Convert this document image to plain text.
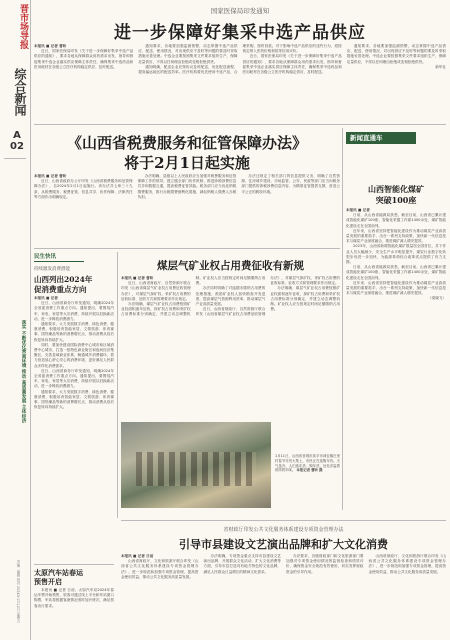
晋市场导报
综合新闻
A 02
落实 不断优化营商环境 推动 高质量发展 主体经济
责编：编辑 校对 2024年1月12日 星期五
国家医保局印发通知
进一步保障好集采中选产品供应
本报讯 ■ 记者 曹昕

近日，国家医保局印发《关于进一步保障好集采中选产品供应的通知》，要求各地从保障群众用药需求出发，指导和督促集采中选企业落实供应保障主体责任，确保集采中选药品和医用耗材在各级公立医疗机构稳定供应、及时配送。

通知要求，各地要加强监测预警，动态掌握中选产品供应、配送、使用情况，对出现供应不及时等问题的要及时采取措施妥善处理。中选企业要按照集采文件要求组织生产，保障足量供应，不得以任何理由拒绝或变相拒绝供货。

通知明确，配送企业应按协议及时配送，优化配送流程，提高偏远地区的配送效率。医疗机构要优先使用中选产品，合理采购，按时回款。对于影响中选产品供应的违约行为，将按规定纳入医药价格和招采信用评价。

近日，国家医保局印发《关于进一步保障好集采中选产品供应的通知》，要求各地从保障群众用药需求出发，指导和督促集采中选企业落实供应保障主体责任，确保集采中选药品和医用耗材在各级公立医疗机构稳定供应、及时配送。

通知要求，各地要加强监测预警，动态掌握中选产品供应、配送、使用情况，对出现供应不及时等问题的要及时采取措施妥善处理。中选企业要按照集采文件要求组织生产，保障足量供应，不得以任何理由拒绝或变相拒绝供货。

新华社

《山西省税费服务和征管保障办法》
将于2月1日起实施
本报讯 ■ 记者 曹昕

近日，山西省政府办公厅印发《山西省税费服务和征管保障办法》，自2024年2月1日起施行。该办法共七章三十九条，从税费服务、税费征管、信息共享、协作保障、法律责任等方面作出明确规定。

办法明确，县级以上人民政府应当加强对税费服务和征管保障工作的领导，建立健全部门协作机制，推进涉税涉费信息共享和数据互通，提高税费征管效能。税务部门应当优化纳税缴费服务，推行办税缴费便利化措施，减轻纳税人缴费人办税负担。

办法还规定了相关部门的信息提供义务，明确了自然资源、住房城乡建设、市场监管、公安、民政等部门应当向税务部门提供的涉税涉费信息内容，为精准征管提供支撑，营造公平公正的税收环境。

新闻直通车
山西智能化煤矿
突破100座
本报讯 ■ 记者

日前，从山西省能源局获悉，截至目前，山西省已累计建成智能化煤矿100座、智能化采掘工作面1400余处，煤矿智能化建设走在全国前列。

近年来，山西省坚持把智能化建设作为推动煤炭产业高质量发展的重要抓手，出台一系列支持政策，加快新一代信息技术与煤炭产业深度融合，推进煤矿减人增安提效。

2023年，山西省新增智能化煤矿数量居全国首位，井下作业人员大幅减少，安全生产水平明显提升，煤炭行业数字化转型步伐进一步加快，为能源革命综合改革试点提供了有力支撑。

日前，从山西省能源局获悉，截至目前，山西省已累计建成智能化煤矿100座、智能化采掘工作面1400余处，煤矿智能化建设走在全国前列。

近年来，山西省坚持把智能化建设作为推动煤炭产业高质量发展的重要抓手，出台一系列支持政策，加快新一代信息技术与煤炭产业深度融合，推进煤矿减人增安提效。

（梁晓飞）

民生快讯
持续激发消费潜能
山西列出2024年
促消费重点方向
本报讯 ■ 记者

近日，山西省商务厅印发通知，明确2024年全省促消费工作重点方向。通知提出，要围绕汽车、家电、家居等大宗消费，持续开展以旧换新活动，进一步释放消费潜力。

通知要求，大力发展数字消费、绿色消费、健康消费，积极培育智能家居、文娱旅游、体育赛事、国货潮品等新的消费增长点，推动消费从疫后恢复转向持续扩大。

同时，要加快建设国际消费中心城市和区域消费中心城市，打造一批特色商业街区和夜间经济集聚区，完善县域商业体系，畅通城乡消费循环，着力营造放心舒心安心的消费环境，更好满足人民群众多样化消费需求。

近日，山西省商务厅印发通知，明确2024年全省促消费工作重点方向。通知提出，要围绕汽车、家电、家居等大宗消费，持续开展以旧换新活动，进一步释放消费潜力。

通知要求，大力发展数字消费、绿色消费、健康消费，积极培育智能家居、文娱旅游、体育赛事、国货潮品等新的消费增长点，推动消费从疫后恢复转向持续扩大。

太原汽车站春运
预售开启

本报讯 ■ 记者 日前，太原汽车站2024年春运车票开始预售，旅客可通过线上平台和车站窗口购票，车站将根据客流情况适时加开班次，满足旅客出行需求。

煤层气矿业权占用费征收有新规
本报讯 ■ 记者 曹昕

近日，山西省财政厅、自然资源厅联合印发《山西省煤层气矿业权占用费征收管理办法》，对煤层气探矿权、采矿权占用费的征收标准、征收方式和管理要求作出规定。

办法明确，煤层气矿业权占用费按照矿业权面积逐年征收，探矿权占用费和采矿权占用费标准分别确定，并建立动态调整机制。矿业权人应当按规定时间足额缴纳占用费。

办法同时明确了对逾期未缴纳占用费的处理措施，鼓励矿业权人加快勘查开发进度，提高煤层气资源利用效率，推动煤层气产业高质量发展。

近日，山西省财政厅、自然资源厅联合印发《山西省煤层气矿业权占用费征收管理办法》，对煤层气探矿权、采矿权占用费的征收标准、征收方式和管理要求作出规定。

办法明确，煤层气矿业权占用费按照矿业权面积逐年征收，探矿权占用费和采矿权占用费标准分别确定，并建立动态调整机制。矿业权人应当按规定时间足额缴纳占用费。

1月11日，山西省晋城市高平市神农镇庄里村春节年货大集上，市民正在选购年货。天气虽冷，人们选年货、购年货，处处洋溢着浓浓的年味。 本报记者 曹昕 摄
省财政厅印发公共文化服务体系建设专项资金管理办法
引导市县建设文艺演出品牌和扩大文化消费
本报讯 ■ 记者 日前

山西省财政厅、文化和旅游厅联合印发《山西省公共文化服务体系建设专项资金管理办法》，进一步规范和加强专项资金管理，提高资金使用效益，推动公共文化服务高质量发展。

办法明确，专项资金重点支持市县建设文艺演出品牌、开展群众文化活动、扩大文化消费等方面，引导市县打造具有地方特色的文化品牌，满足人民群众日益增长的精神文化需求。

办法要求，各级财政部门和文化旅游部门要加强对专项资金使用情况的监督检查和绩效评价，确保资金安全规范有效使用，切实发挥财政资金的引导作用。

山西省财政厅、文化和旅游厅联合印发《山西省公共文化服务体系建设专项资金管理办法》，进一步规范和加强专项资金管理，提高资金使用效益，推动公共文化服务高质量发展。
